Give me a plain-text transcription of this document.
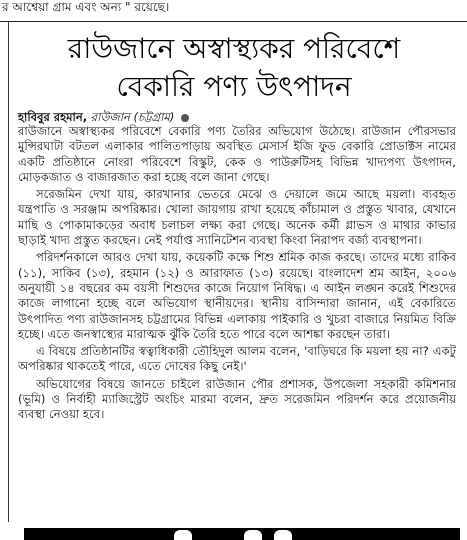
র আশ্বেয়া গ্রাম এবং অন্য " রয়েছে।
রাউজানে অস্বাস্থ্যকর পরিবেশে
বেকারি পণ্য উৎপাদন
হাবিবুর রহমান, রাউজান (চট্টগ্রাম)

রাউজানে অস্বাস্থ্যকর পরিবেশে বেকারি পণ্য তৈরির অভিযোগ উঠেছে। রাউজান পৌরসভার মুন্সিরঘাটা বটতল এলাকার পালিতপাড়ায় অবস্থিত মেসার্স ইজি ফুড বেকারি প্রোডাক্টস নামের একটি প্রতিষ্ঠানে নোংরা পরিবেশে বিস্কুট, কেক ও পাউরুটিসহ বিভিন্ন খাদ্যপণ্য উৎপাদন, মোড়কজাত ও বাজারজাত করা হচ্ছে বলে জানা গেছে।

সরেজমিন দেখা যায়, কারখানার ভেতরে মেঝে ও দেয়ালে জমে আছে ময়লা। ব্যবহৃত যন্ত্রপাতি ও সরঞ্জাম অপরিষ্কার। খোলা জায়গায় রাখা হয়েছে কাঁচামাল ও প্রস্তুত খাবার, যেখানে মাছি ও পোকামাকড়ের অবাধ চলাচল লক্ষ্য করা গেছে। অনেক কর্মী গ্লাভস ও মাথার কাভার ছাড়াই খাদ্য প্রস্তুত করছেন। নেই পর্যাপ্ত স্যানিটেশন ব্যবস্থা কিংবা নিরাপদ বর্জ্য ব্যবস্থাপনা।

পরিদর্শনকালে আরও দেখা যায়, কয়েকটি কক্ষে শিশু শ্রমিক কাজ করছে। তাদের মধ্যে রাকিব (১১), সাকিব (১৩), রহমান (১২) ও আরাফাত (১৩) রয়েছে। বাংলাদেশ শ্রম আইন, ২০০৬ অনুযায়ী ১৪ বছরের কম বয়সী শিশুদের কাজে নিয়োগ নিষিদ্ধ। এ আইন লঙ্ঘন করেই শিশুদের কাজে লাগানো হচ্ছে বলে অভিযোগ স্থানীয়দের। স্থানীয় বাসিন্দারা জানান, এই বেকারিতে উৎপাদিত পণ্য রাউজানসহ চট্টগ্রামের বিভিন্ন এলাকায় পাইকারি ও খুচরা বাজারে নিয়মিত বিক্রি হচ্ছে। এতে জনস্বাস্থ্যের মারাত্মক ঝুঁকি তৈরি হতে পারে বলে আশঙ্কা করছেন তারা।

এ বিষয়ে প্রতিষ্ঠানটির স্বত্বাধিকারী তৌহিদুল আলম বলেন, 'বাড়িঘরে কি ময়লা হয় না? একটু অপরিষ্কার থাকতেই পারে, এতে দোষের কিছু নেই।'

অভিযোগের বিষয়ে জানতে চাইলে রাউজান পৌর প্রশাসক, উপজেলা সহকারী কমিশনার (ভূমি) ও নির্বাহী ম্যাজিস্ট্রেট অংচিং মারমা বলেন, দ্রুত সরেজমিন পরিদর্শন করে প্রয়োজনীয় ব্যবস্থা নেওয়া হবে।
